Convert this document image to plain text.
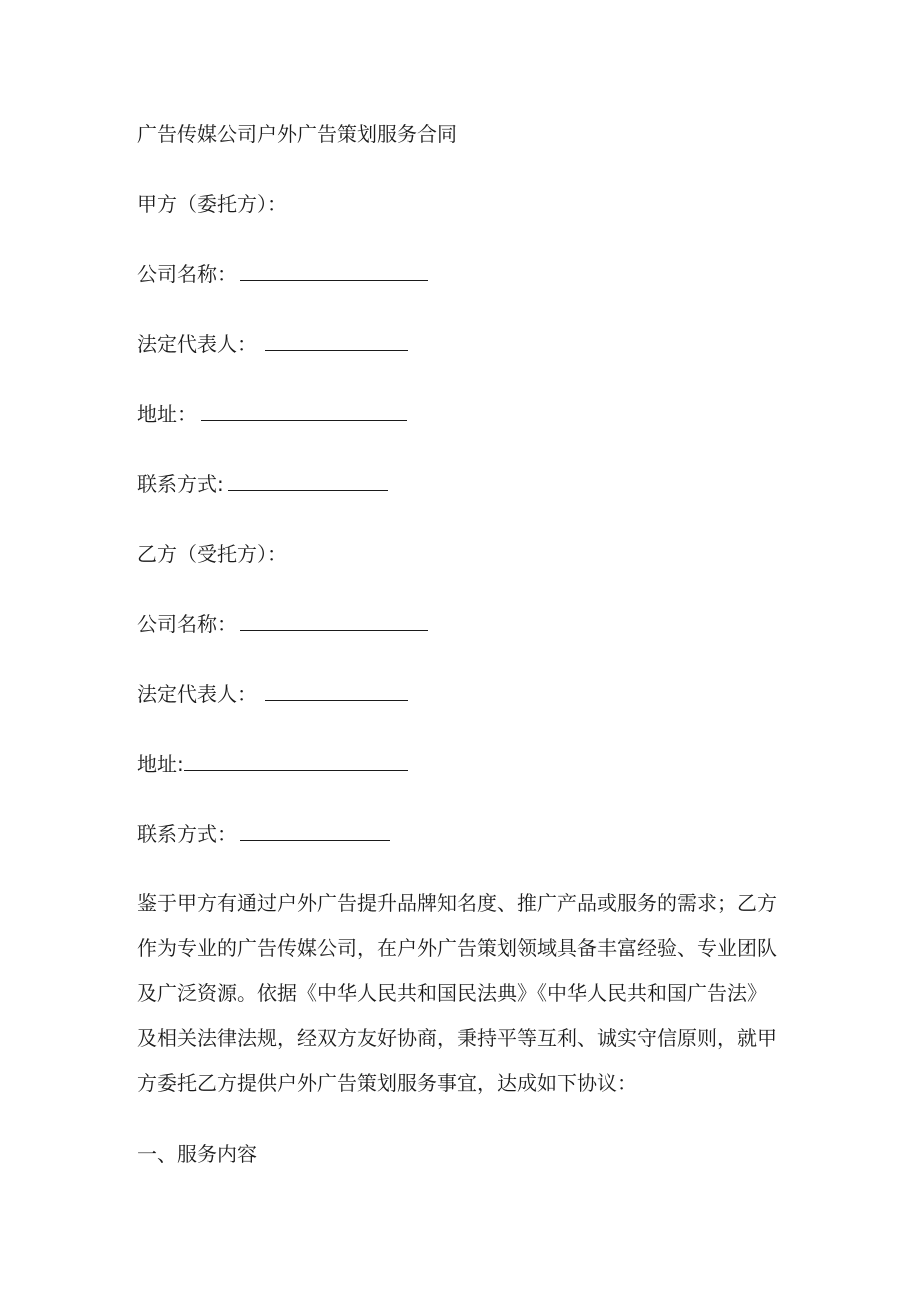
广告传媒公司户外广告策划服务合同
甲方（委托方）：
公司名称：
法定代表人：
地址：
联系方式:
乙方（受托方）：
公司名称：
法定代表人：
地址:
联系方式：

鉴于甲方有通过户外广告提升品牌知名度、推广产品或服务的需求；乙方

作为专业的广告传媒公司，在户外广告策划领域具备丰富经验、专业团队

及广泛资源。依据《中华人民共和国民法典》《中华人民共和国广告法》

及相关法律法规，经双方友好协商，秉持平等互利、诚实守信原则，就甲

方委托乙方提供户外广告策划服务事宜，达成如下协议：

一、服务内容
